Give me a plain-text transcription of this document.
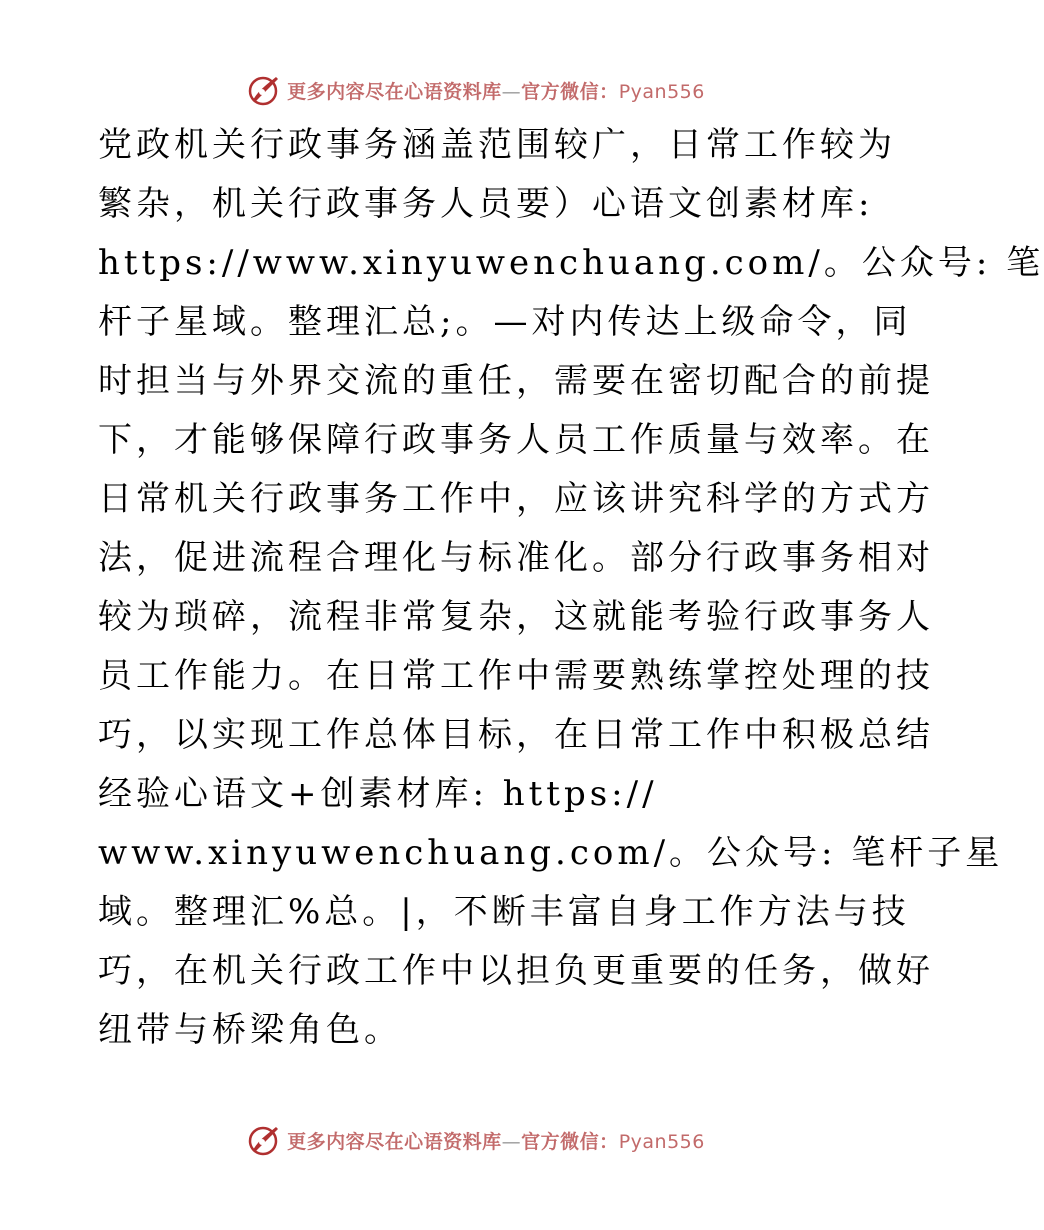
更多内容尽在心语资料库—官方微信：Pyan556
党政机关行政事务涵盖范围较广，日常工作较为
繁杂，机关行政事务人员要）心语文创素材库:
https://www.xinyuwenchuang.com/。公众号: 笔
杆子星域。整理汇总;。—对内传达上级命令，同
时担当与外界交流的重任，需要在密切配合的前提
下，才能够保障行政事务人员工作质量与效率。在
日常机关行政事务工作中，应该讲究科学的方式方
法，促进流程合理化与标准化。部分行政事务相对
较为琐碎，流程非常复杂，这就能考验行政事务人
员工作能力。在日常工作中需要熟练掌控处理的技
巧，以实现工作总体目标，在日常工作中积极总结
经验心语文+创素材库: https://
www.xinyuwenchuang.com/。公众号: 笔杆子星
域。整理汇%总。|，不断丰富自身工作方法与技
巧，在机关行政工作中以担负更重要的任务，做好
纽带与桥梁角色。
更多内容尽在心语资料库—官方微信：Pyan556
